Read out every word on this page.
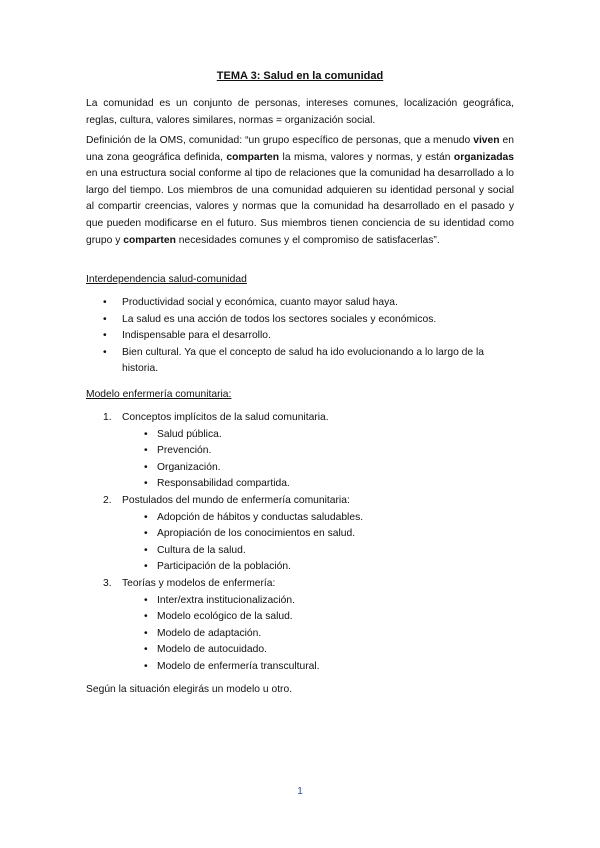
TEMA 3: Salud en la comunidad

La comunidad es un conjunto de personas, intereses comunes, localización geográfica, reglas, cultura, valores similares, normas = organización social.

Definición de la OMS, comunidad: “un grupo específico de personas, que a menudo viven en una zona geográfica definida, comparten la misma, valores y normas, y están organizadas en una estructura social conforme al tipo de relaciones que la comunidad ha desarrollado a lo largo del tiempo. Los miembros de una comunidad adquieren su identidad personal y social al compartir creencias, valores y normas que la comunidad ha desarrollado en el pasado y que pueden modificarse en el futuro. Sus miembros tienen conciencia de su identidad como grupo y comparten necesidades comunes y el compromiso de satisfacerlas”.

Interdependencia salud-comunidad
• Productividad social y económica, cuanto mayor salud haya.
• La salud es una acción de todos los sectores sociales y económicos.
• Indispensable para el desarrollo.
• Bien cultural. Ya que el concepto de salud ha ido evolucionando a lo largo de la historia.
Modelo enfermería comunitaria:
1. Conceptos implícitos de la salud comunitaria.
• Salud pública.
• Prevención.
• Organización.
• Responsabilidad compartida.
2. Postulados del mundo de enfermería comunitaria:
• Adopción de hábitos y conductas saludables.
• Apropiación de los conocimientos en salud.
• Cultura de la salud.
• Participación de la población.
3. Teorías y modelos de enfermería:
• Inter/extra institucionalización.
• Modelo ecológico de la salud.
• Modelo de adaptación.
• Modelo de autocuidado.
• Modelo de enfermería transcultural.
Según la situación elegirás un modelo u otro.
1
